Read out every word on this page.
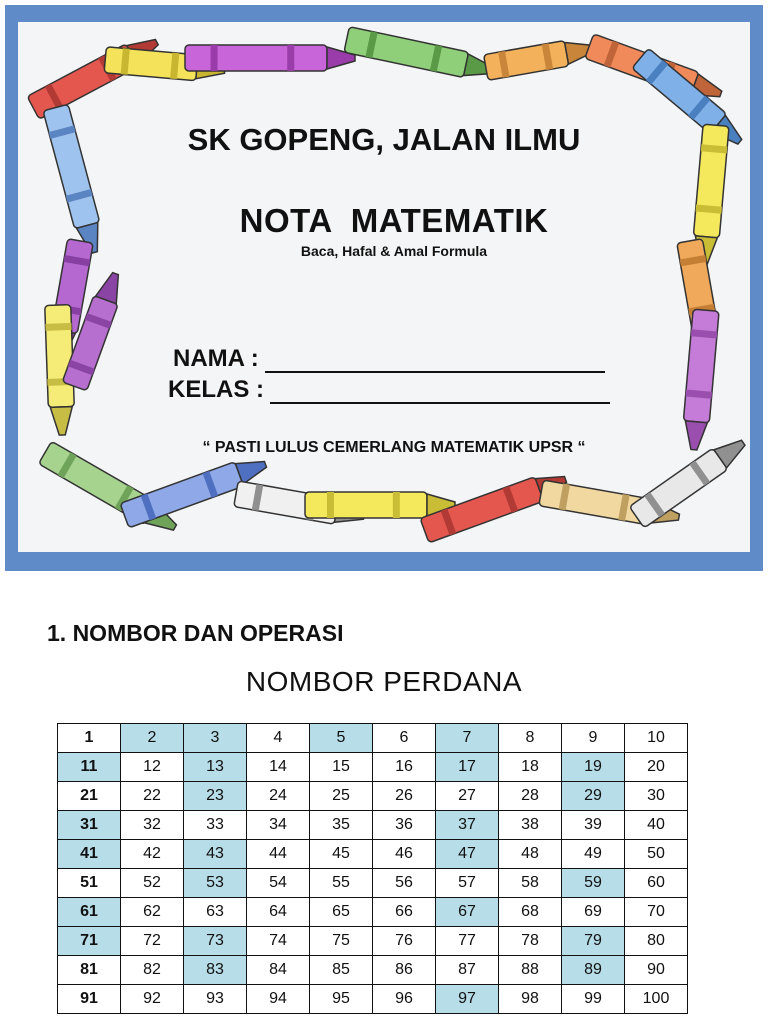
SK GOPENG, JALAN ILMU
NOTA  MATEMATIK
Baca, Hafal & Amal Formula
NAMA :
KELAS :
“ PASTI LULUS CEMERLANG MATEMATIK UPSR “
1. NOMBOR DAN OPERASI
NOMBOR PERDANA
1	2	3	4	5	6	7	8	9	10
11	12	13	14	15	16	17	18	19	20
21	22	23	24	25	26	27	28	29	30
31	32	33	34	35	36	37	38	39	40
41	42	43	44	45	46	47	48	49	50
51	52	53	54	55	56	57	58	59	60
61	62	63	64	65	66	67	68	69	70
71	72	73	74	75	76	77	78	79	80
81	82	83	84	85	86	87	88	89	90
91	92	93	94	95	96	97	98	99	100
